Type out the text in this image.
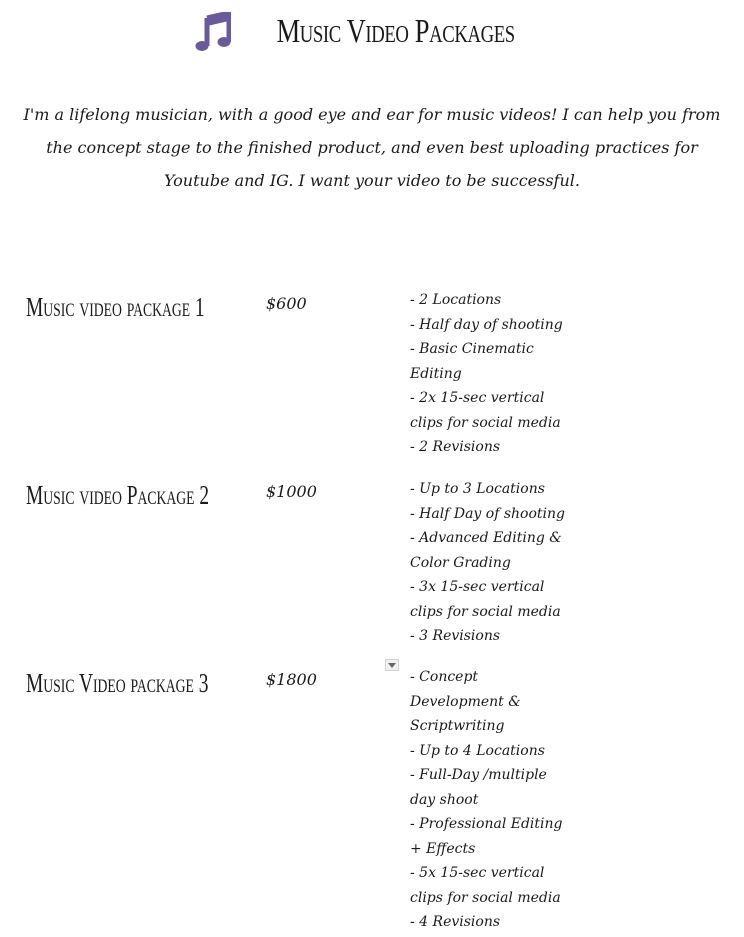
Music Video Packages

I'm a lifelong musician, with a good eye and ear for music videos! I can help you from the concept stage to the finished product, and even best uploading practices for Youtube and IG. I want your video to be successful.

Music video package 1	$600	- 2 Locations
- Half day of shooting
- Basic Cinematic Editing
- 2x 15-sec vertical clips for social media
- 2 Revisions
Music video Package 2	$1000	- Up to 3 Locations
- Half Day of shooting
- Advanced Editing & Color Grading
- 3x 15-sec vertical clips for social media
- 3 Revisions
Music Video package 3	$1800	- Concept Development & Scriptwriting
- Up to 4 Locations
- Full-Day /multiple day shoot
- Professional Editing + Effects
- 5x 15-sec vertical clips for social media
- 4 Revisions
